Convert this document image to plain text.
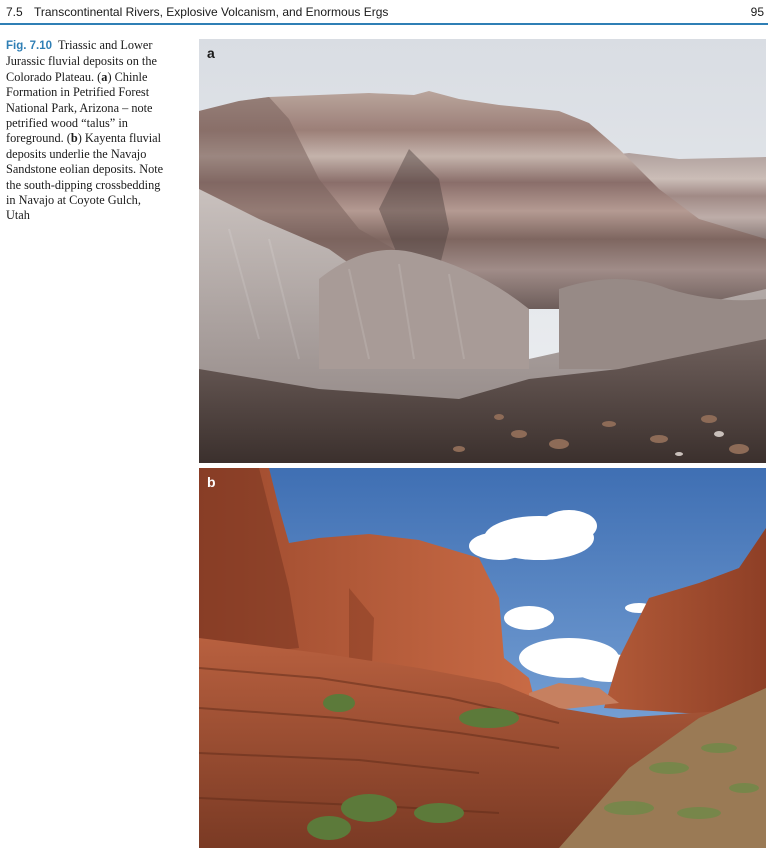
7.5 Transcontinental Rivers, Explosive Volcanism, and Enormous Ergs	95
Fig. 7.10 Triassic and Lower Jurassic fluvial deposits on the Colorado Plateau. (a) Chinle Formation in Petrified Forest National Park, Arizona – note petrified wood “talus” in foreground. (b) Kayenta fluvial deposits underlie the Navajo Sandstone eolian deposits. Note the south-dipping crossbedding in Navajo at Coyote Gulch, Utah
a
b
